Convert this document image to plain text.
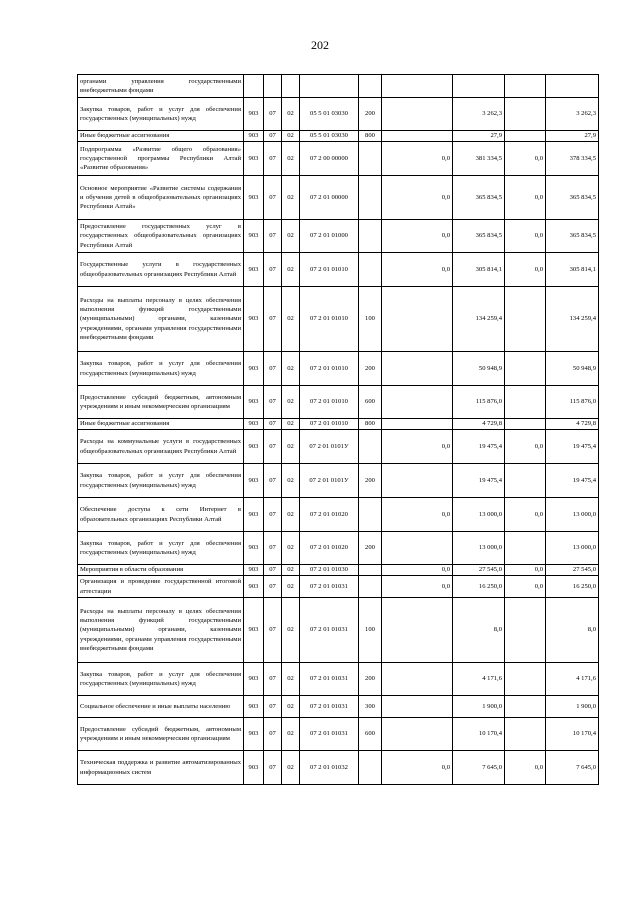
202
органами управления государственными внебюджетными фондами									
Закупка товаров, работ и услуг для обеспечения государственных (муниципальных) нужд	903	07	02	05 5 01 03030	200		3 262,3		3 262,3
Иные бюджетные ассигнования	903	07	02	05 5 01 03030	800		27,9		27,9
Подпрограмма «Развитие общего образования» государственной программы Республики Алтай «Развитие образования»	903	07	02	07 2 00 00000		0,0	381 334,5	0,0	378 334,5
Основное мероприятие «Развитие системы содержания и обучения детей в общеобразовательных организациях Республики Алтай»	903	07	02	07 2 01 00000		0,0	365 834,5	0,0	365 834,5
Предоставление государственных услуг в государственных общеобразовательных организациях Республики Алтай	903	07	02	07 2 01 01000		0,0	365 834,5	0,0	365 834,5
Государственные услуги в государственных общеобразовательных организациях Республики Алтай	903	07	02	07 2 01 01010		0,0	305 814,1	0,0	305 814,1
Расходы на выплаты персоналу в целях обеспечения выполнения функций государственными (муниципальными) органами, казенными учреждениями, органами управления государственными внебюджетными фондами	903	07	02	07 2 01 01010	100		134 259,4		134 259,4
Закупка товаров, работ и услуг для обеспечения государственных (муниципальных) нужд	903	07	02	07 2 01 01010	200		50 948,9		50 948,9
Предоставление субсидий бюджетным, автономным учреждениям и иным некоммерческим организациям	903	07	02	07 2 01 01010	600		115 876,0		115 876,0
Иные бюджетные ассигнования	903	07	02	07 2 01 01010	800		4 729,8		4 729,8
Расходы на коммунальные услуги в государственных общеобразовательных организациях Республики Алтай	903	07	02	07 2 01 0101У		0,0	19 475,4	0,0	19 475,4
Закупка товаров, работ и услуг для обеспечения государственных (муниципальных) нужд	903	07	02	07 2 01 0101У	200		19 475,4		19 475,4
Обеспечение доступа к сети Интернет в образовательных организациях Республики Алтай	903	07	02	07 2 01 01020		0,0	13 000,0	0,0	13 000,0
Закупка товаров, работ и услуг для обеспечения государственных (муниципальных) нужд	903	07	02	07 2 01 01020	200		13 000,0		13 000,0
Мероприятия в области образования	903	07	02	07 2 01 01030		0,0	27 545,0	0,0	27 545,0
Организация и проведение государственной итоговой аттестации	903	07	02	07 2 01 01031		0,0	16 250,0	0,0	16 250,0
Расходы на выплаты персоналу в целях обеспечения выполнения функций государственными (муниципальными) органами, казенными учреждениями, органами управления государственными внебюджетными фондами	903	07	02	07 2 01 01031	100		8,0		8,0
Закупка товаров, работ и услуг для обеспечения государственных (муниципальных) нужд	903	07	02	07 2 01 01031	200		4 171,6		4 171,6
Социальное обеспечение и иные выплаты населению	903	07	02	07 2 01 01031	300		1 900,0		1 900,0
Предоставление субсидий бюджетным, автономным учреждениям и иным некоммерческим организациям	903	07	02	07 2 01 01031	600		10 170,4		10 170,4
Техническая поддержка и развитие автоматизированных информационных систем	903	07	02	07 2 01 01032		0,0	7 645,0	0,0	7 645,0
